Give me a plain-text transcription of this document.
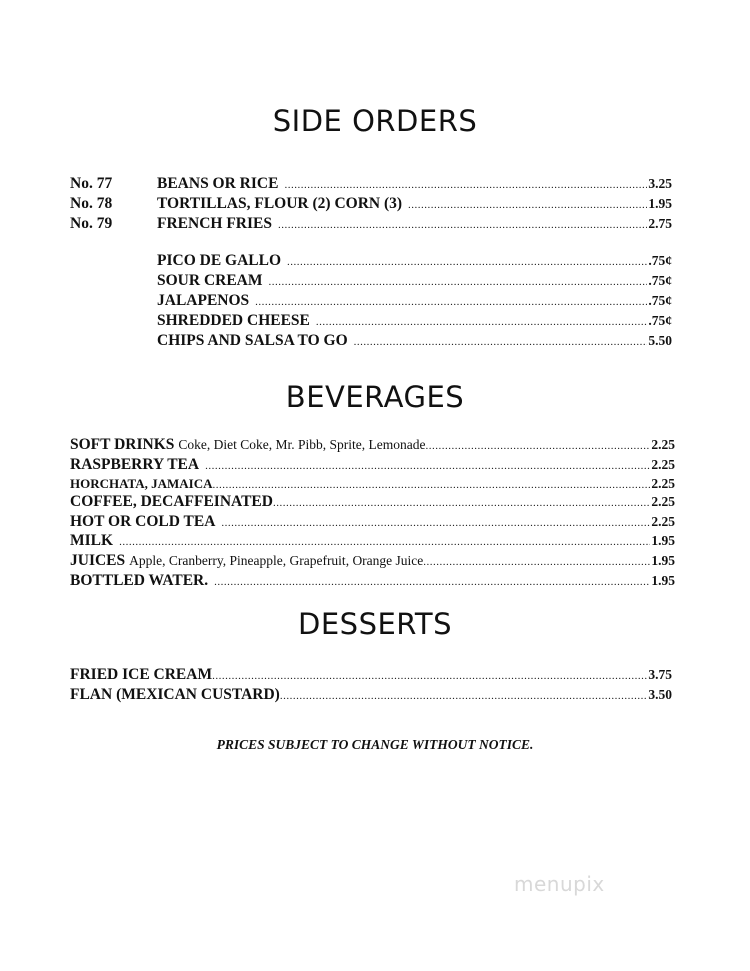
SIDE ORDERS
No. 77	BEANS OR RICE .....	3.25
No. 78	TORTILLAS, FLOUR (2) CORN (3) .....	1.95
No. 79	FRENCH FRIES .....	2.75
PICO DE GALLO .....	.75¢
SOUR CREAM .....	.75¢
JALAPENOS .....	.75¢
SHREDDED CHEESE .....	.75¢
CHIPS AND SALSA TO GO .....	5.50
BEVERAGES
SOFT DRINKS Coke, Diet Coke, Mr. Pibb, Sprite, Lemonade .....	2.25
RASPBERRY TEA .....	2.25
HORCHATA, JAMAICA .....	2.25
COFFEE, DECAFFEINATED .....	2.25
HOT OR COLD TEA .....	2.25
MILK .....	1.95
JUICES Apple, Cranberry, Pineapple, Grapefruit, Orange Juice .....	1.95
BOTTLED WATER. .....	1.95
DESSERTS
FRIED ICE CREAM .....	3.75
FLAN (MEXICAN CUSTARD) .....	3.50
PRICES SUBJECT TO CHANGE WITHOUT NOTICE.
menupix
